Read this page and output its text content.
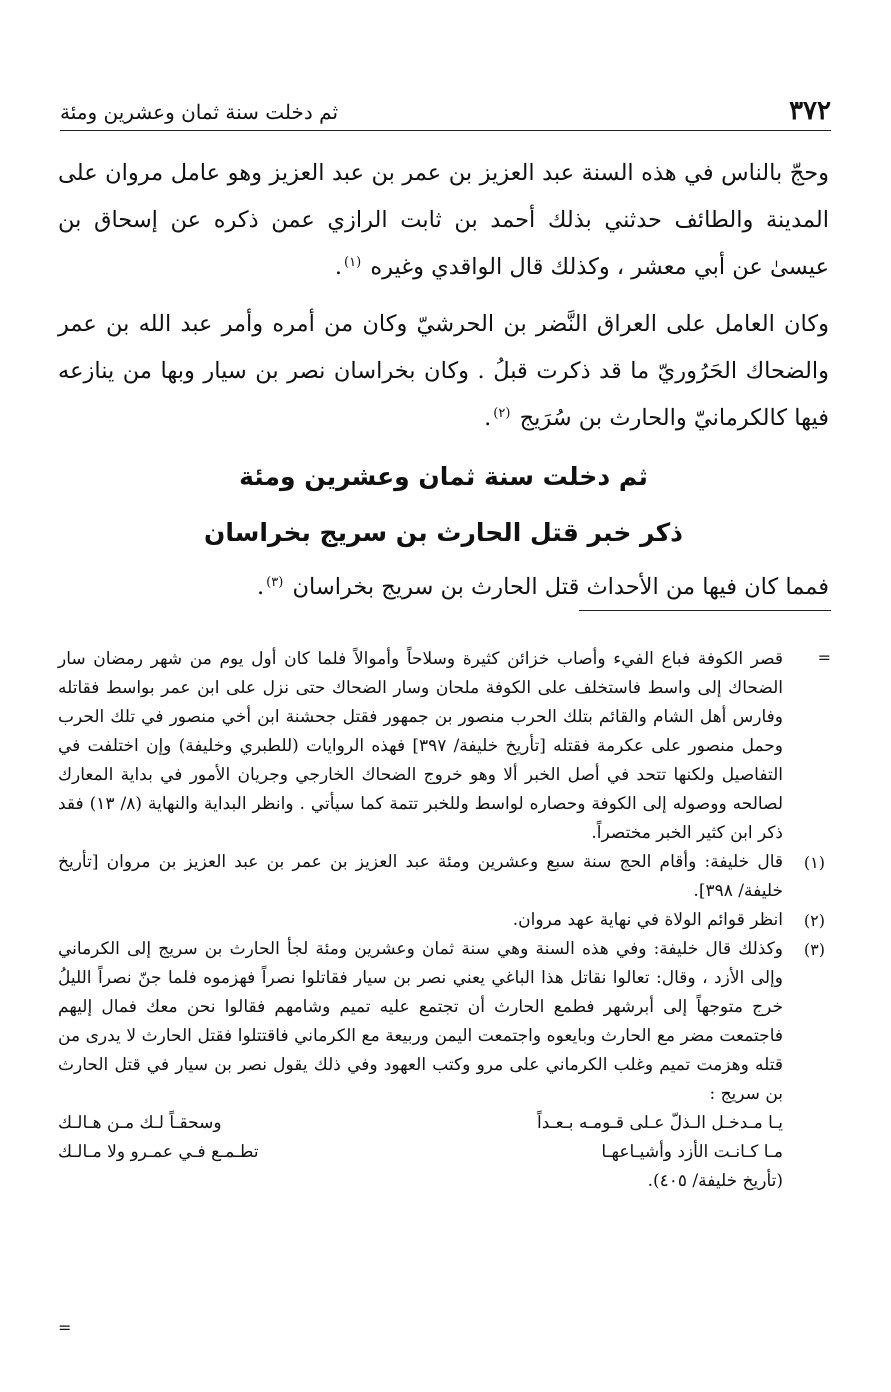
٣٧٢
ثم دخلت سنة ثمان وعشرين ومئة

وحجّ بالناس في هذه السنة عبد العزيز بن عمر بن عبد العزيز وهو عامل مروان على المدينة والطائف حدثني بذلك أحمد بن ثابت الرازي عمن ذكره عن إسحاق بن عيسىٰ عن أبي معشر ، وكذلك قال الواقدي وغيره $^{(١)}$.

وكان العامل على العراق النَّضر بن الحرشيّ وكان من أمره وأمر عبد الله بن عمر والضحاك الحَرُوريّ ما قد ذكرت قبلُ . وكان بخراسان نصر بن سيار وبها من ينازعه فيها كالكرمانيّ والحارث بن سُرَيج $^{(٢)}$.

ثم دخلت سنة ثمان وعشرين ومئة
ذكر خبر قتل الحارث بن سريج بخراسان
فمما كان فيها من الأحداث قتل الحارث بن سريج بخراسان $^{(٣)}$.
=
قصر الكوفة فباع الفيء وأصاب خزائن كثيرة وسلاحاً وأموالاً فلما كان أول يوم من شهر رمضان سار الضحاك إلى واسط فاستخلف على الكوفة ملحان وسار الضحاك حتى نزل على ابن عمر بواسط فقاتله وفارس أهل الشام والقائم بتلك الحرب منصور بن جمهور فقتل جحشنة ابن أخي منصور في تلك الحرب وحمل منصور على عكرمة فقتله [تأريخ خليفة/ ٣٩٧] فهذه الروايات (للطبري وخليفة) وإن اختلفت في التفاصيل ولكنها تتحد في أصل الخبر ألا وهو خروج الضحاك الخارجي وجريان الأمور في بداية المعارك لصالحه ووصوله إلى الكوفة وحصاره لواسط وللخبر تتمة كما سيأتي . وانظر البداية والنهاية (٨/ ١٣) فقد ذكر ابن كثير الخبر مختصراً.
(١)
قال خليفة: وأقام الحج سنة سبع وعشرين ومئة عبد العزيز بن عمر بن عبد العزيز بن مروان [تأريخ خليفة/ ٣٩٨].
(٢)
انظر قوائم الولاة في نهاية عهد مروان.
(٣)
وكذلك قال خليفة: وفي هذه السنة وهي سنة ثمان وعشرين ومئة لجأ الحارث بن سريج إلى الكرماني وإلى الأزد ، وقال: تعالوا نقاتل هذا الباغي يعني نصر بن سيار فقاتلوا نصراً فهزموه فلما جنّ نصراً الليلُ خرج متوجهاً إلى أبرشهر فطمع الحارث أن تجتمع عليه تميم وشامهم فقالوا نحن معك فمال إليهم فاجتمعت مضر مع الحارث وبايعوه واجتمعت اليمن وربيعة مع الكرماني فاقتتلوا فقتل الحارث لا يدرى من قتله وهزمت تميم وغلب الكرماني على مرو وكتب العهود وفي ذلك يقول نصر بن سيار في قتل الحارث بن سريج :
يـا مـدخـل الـذلّ عـلى قـومـه بـعـداً
وسحقـاً لـك مـن هـالـك
مـا كـانـت الأزد وأشيـاعهـا
تطـمـع فـي عمـرو ولا مـالـك
(تأريخ خليفة/ ٤٠٥).
=
